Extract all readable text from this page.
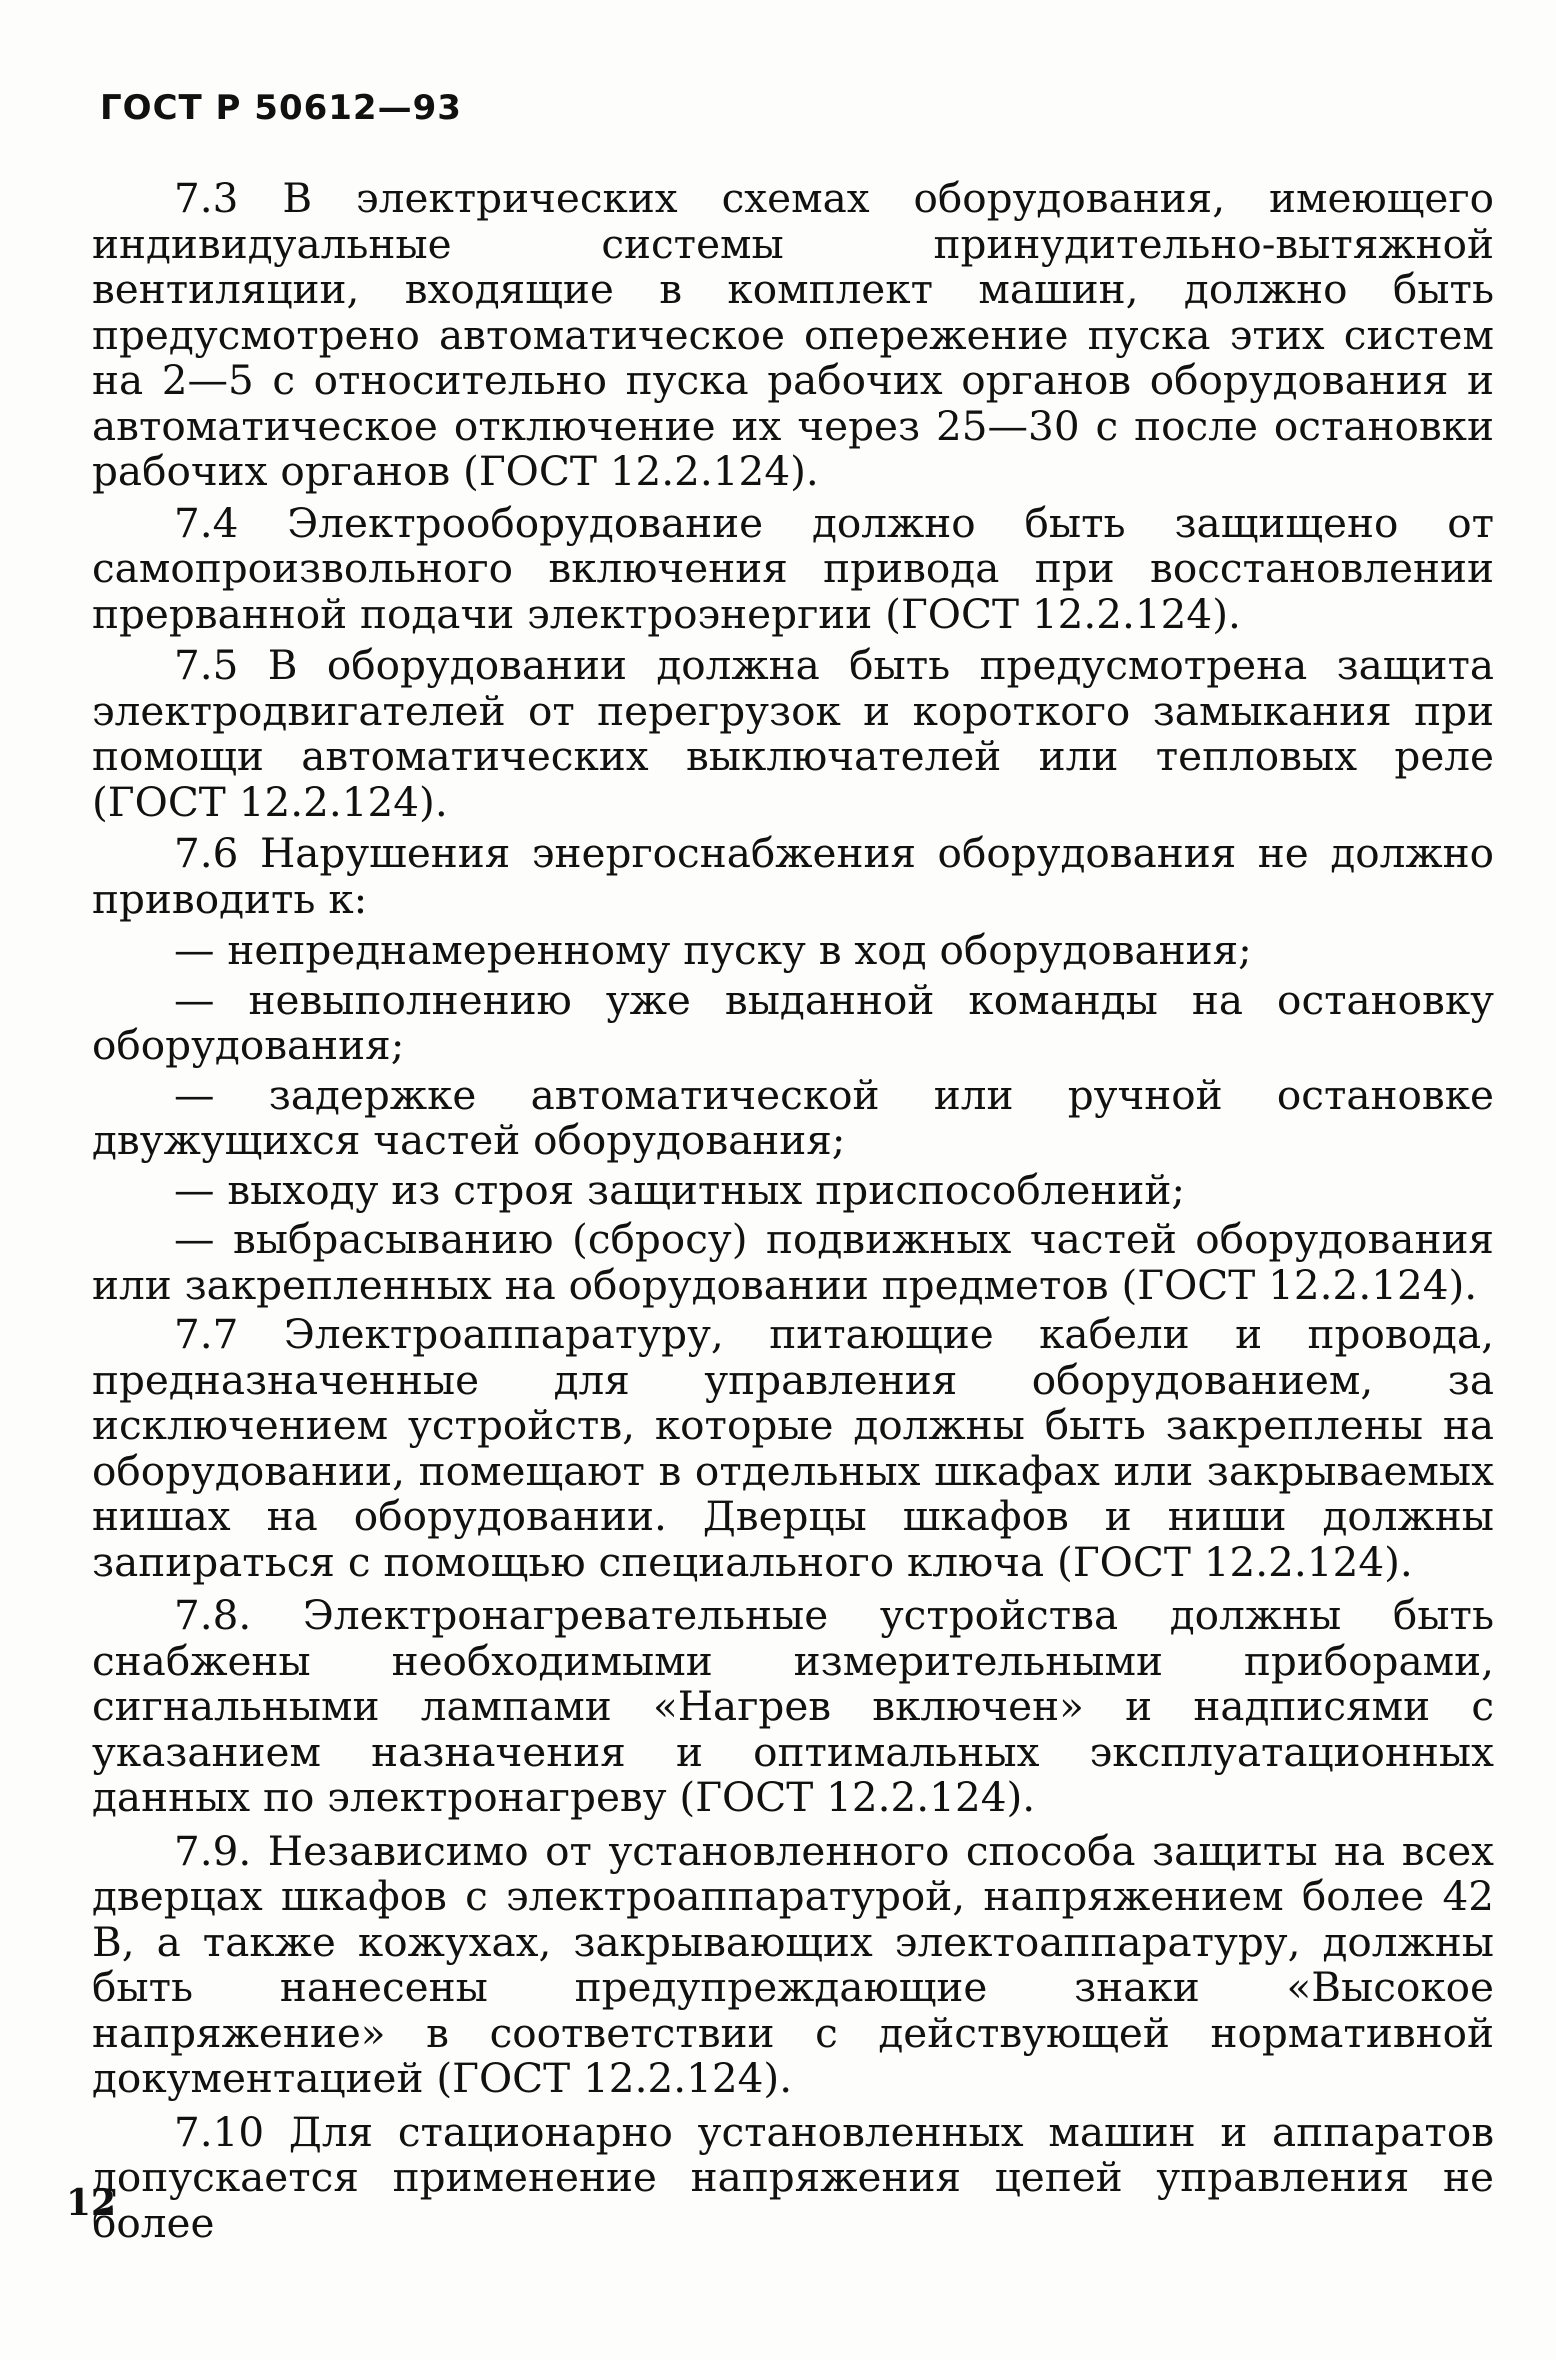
ГОСТ Р 50612—93

7.3 В электрических схемах оборудования, имеющего индивидуальные системы принудительно-вытяжной вентиляции, входящие в комплект машин, должно быть предусмотрено автоматическое опережение пуска этих систем на 2—5 с относительно пуска рабочих органов оборудования и автоматическое отключение их через 25—30 с после остановки рабочих органов (ГОСТ 12.2.124).

7.4 Электрооборудование должно быть защищено от самопроизвольного включения привода при восстановлении прерванной подачи электроэнергии (ГОСТ 12.2.124).

7.5 В оборудовании должна быть предусмотрена защита электродвигателей от перегрузок и короткого замыкания при помощи автоматических выключателей или тепловых реле (ГОСТ 12.2.124).

7.6 Нарушения энергоснабжения оборудования не должно приводить к:

— непреднамеренному пуску в ход оборудования;

— невыполнению уже выданной команды на остановку оборудования;

— задержке автоматической или ручной остановке двужущихся частей оборудования;

— выходу из строя защитных приспособлений;

— выбрасыванию (сбросу) подвижных частей оборудования или закрепленных на оборудовании предметов (ГОСТ 12.2.124).

7.7 Электроаппаратуру, питающие кабели и провода, предназначенные для управления оборудованием, за исключением устройств, которые должны быть закреплены на оборудовании, помещают в отдельных шкафах или закрываемых нишах на оборудовании. Дверцы шкафов и ниши должны запираться с помощью специального ключа (ГОСТ 12.2.124).

7.8. Электронагревательные устройства должны быть снабжены необходимыми измерительными приборами, сигнальными лампами «Нагрев включен» и надписями с указанием назначения и оптимальных эксплуатационных данных по электронагреву (ГОСТ 12.2.124).

7.9. Независимо от установленного способа защиты на всех дверцах шкафов с электроаппаратурой, напряжением более 42 В, а также кожухах, закрывающих электоаппаратуру, должны быть нанесены предупреждающие знаки «Высокое напряжение» в соответствии с действующей нормативной документацией (ГОСТ 12.2.124).

7.10 Для стационарно установленных машин и аппаратов допускается применение напряжения цепей управления не более

12
